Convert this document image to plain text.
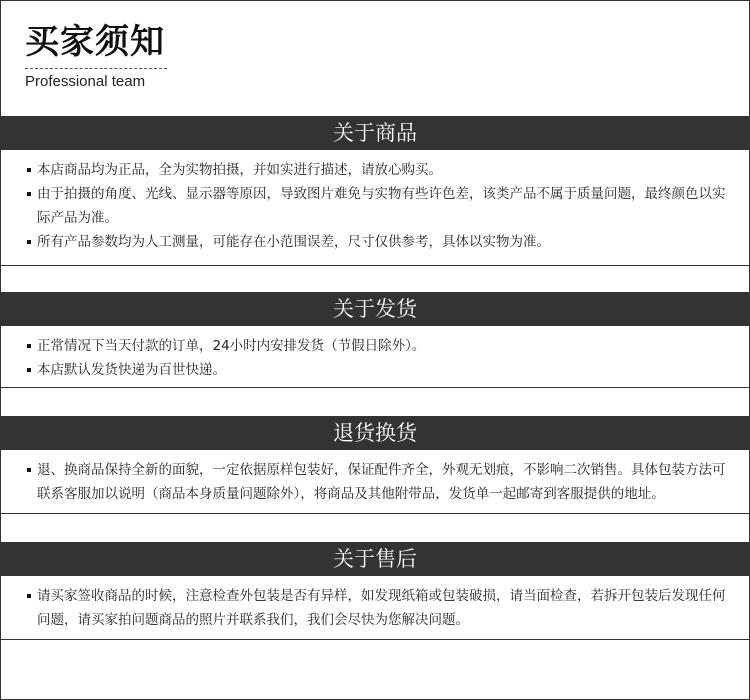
买家须知
Professional team
关于商品
本店商品均为正品，全为实物拍摄，并如实进行描述，请放心购买。
由于拍摄的角度、光线、显示器等原因，导致图片难免与实物有些许色差，该类产品不属于质量问题，最终颜色以实际产品为准。
所有产品参数均为人工测量，可能存在小范围误差，尺寸仅供参考，具体以实物为准。
关于发货
正常情况下当天付款的订单，24小时内安排发货（节假日除外）。
本店默认发货快递为百世快递。
退货换货
退、换商品保持全新的面貌，一定依据原样包装好，保证配件齐全，外观无划痕，不影响二次销售。具体包装方法可联系客服加以说明（商品本身质量问题除外），将商品及其他附带品，发货单一起邮寄到客服提供的地址。
关于售后
请买家签收商品的时候，注意检查外包装是否有异样，如发现纸箱或包装破损，请当面检查，若拆开包装后发现任何问题，请买家拍问题商品的照片并联系我们，我们会尽快为您解决问题。
